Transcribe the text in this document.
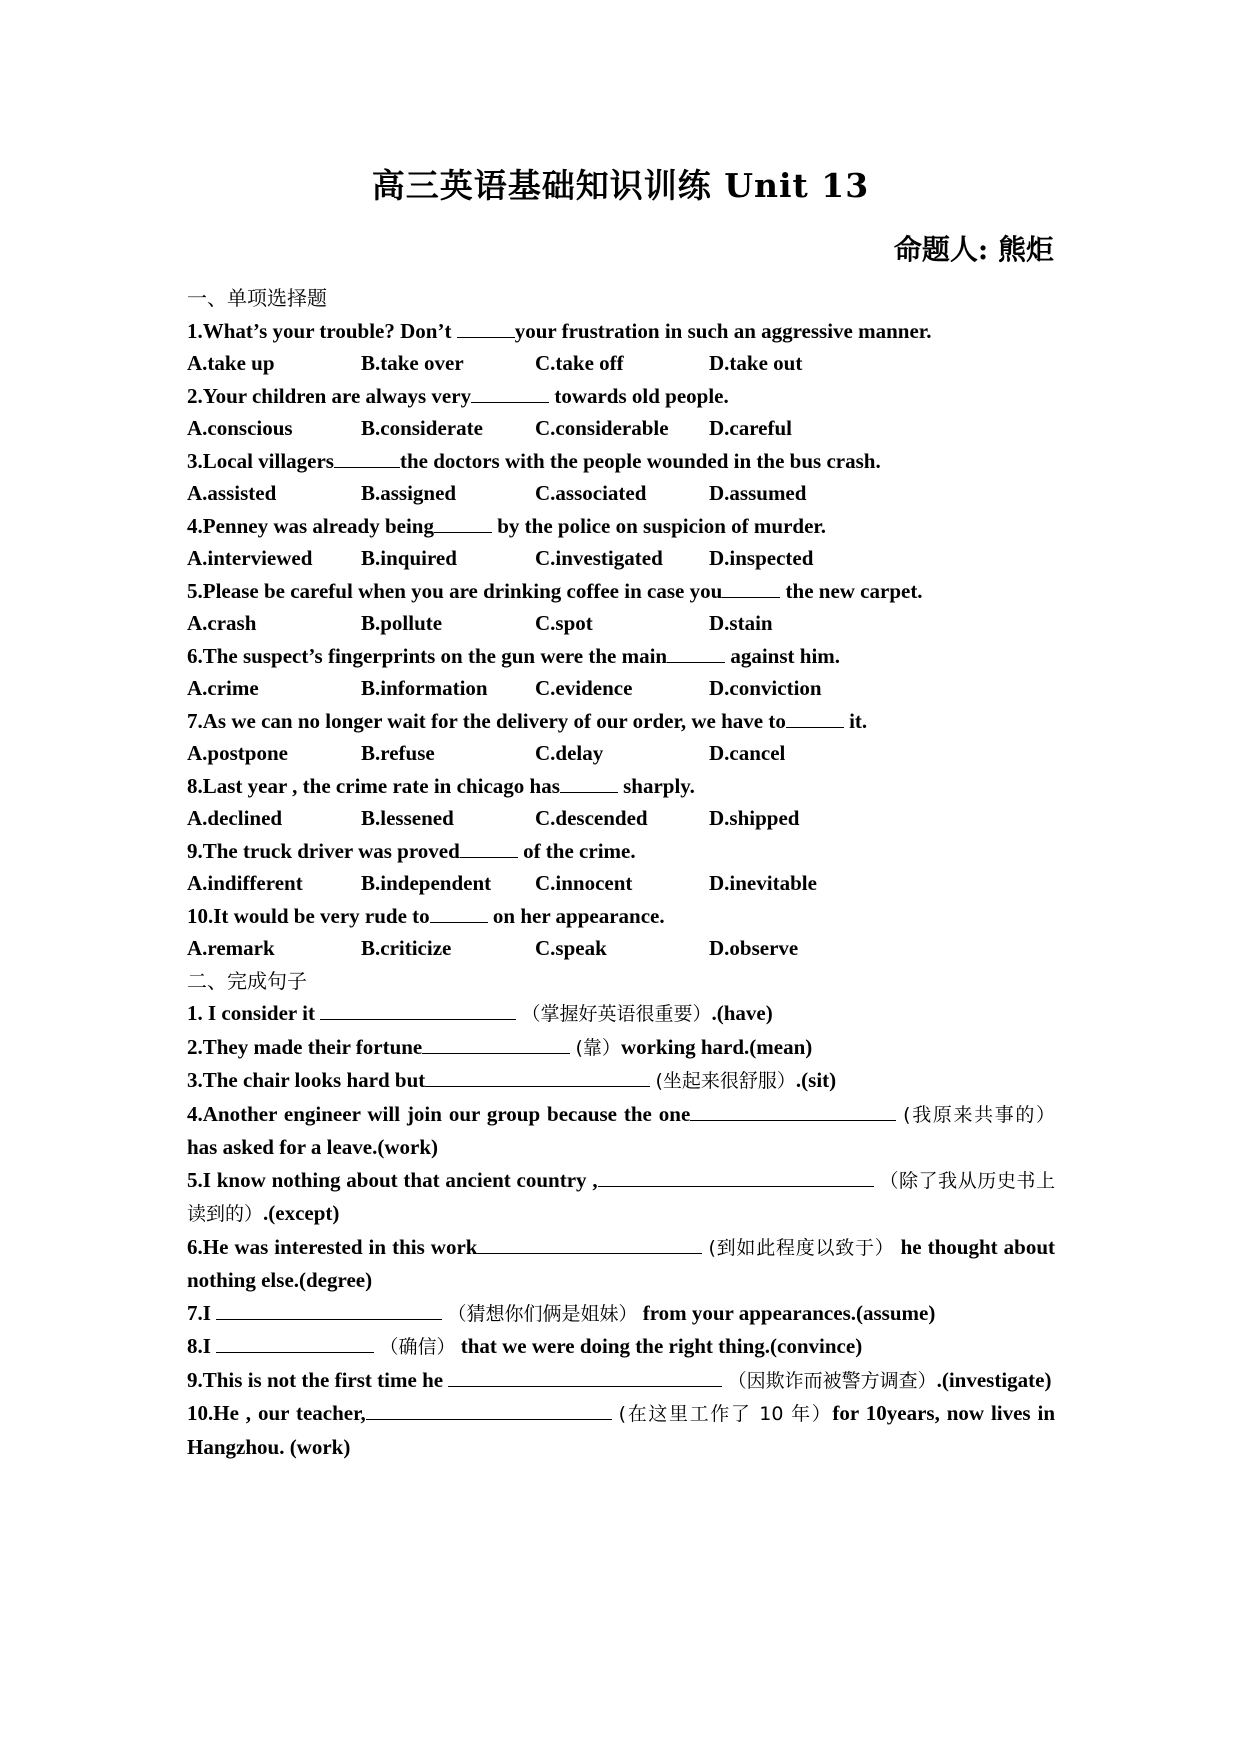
高三英语基础知识训练 Unit 13
命题人: 熊炬
一、单项选择题
1.What’s your trouble? Don’t	your frustration in such an aggressive manner.
A.take up	B.take over	C.take off	D.take out
2.Your children are always very	towards old people.
A.conscious	B.considerate	C.considerable	D.careful
3.Local villagers	the doctors with the people wounded in the bus crash.
A.assisted	B.assigned	C.associated	D.assumed
4.Penney was already being	by the police on suspicion of murder.
A.interviewed	B.inquired	C.investigated	D.inspected
5.Please be careful when you are drinking coffee in case you	the new carpet.
A.crash	B.pollute	C.spot	D.stain
6.The suspect’s fingerprints on the gun were the main	against him.
A.crime	B.information	C.evidence	D.conviction
7.As we can no longer wait for the delivery of our order, we have to	it.
A.postpone	B.refuse	C.delay	D.cancel
8.Last year , the crime rate in chicago has	sharply.
A.declined	B.lessened	C.descended	D.shipped
9.The truck driver was proved	of the crime.
A.indifferent	B.independent	C.innocent	D.inevitable
10.It would be very rude to	on her appearance.
A.remark	B.criticize	C.speak	D.observe
二、完成句子
1. I consider it	（掌握好英语很重要）.(have)
2.They made their fortune	(靠）working hard.(mean)
3.The chair looks hard but	(坐起来很舒服）.(sit)
4.Another engineer will join our group because the one	(我原来共事的）has asked for a leave.(work)
5.I know nothing about that ancient country ,	（除了我从历史书上读到的）.(except)
6.He was interested in this work	(到如此程度以致于） he thought about nothing else.(degree)
7.I	（猜想你们俩是姐妹） from your appearances.(assume)
8.I	（确信） that we were doing the right thing.(convince)
9.This is not the first time he	（因欺诈而被警方调查）.(investigate)
10.He , our teacher,	(在这里工作了 10 年）for 10years, now lives in Hangzhou. (work)
